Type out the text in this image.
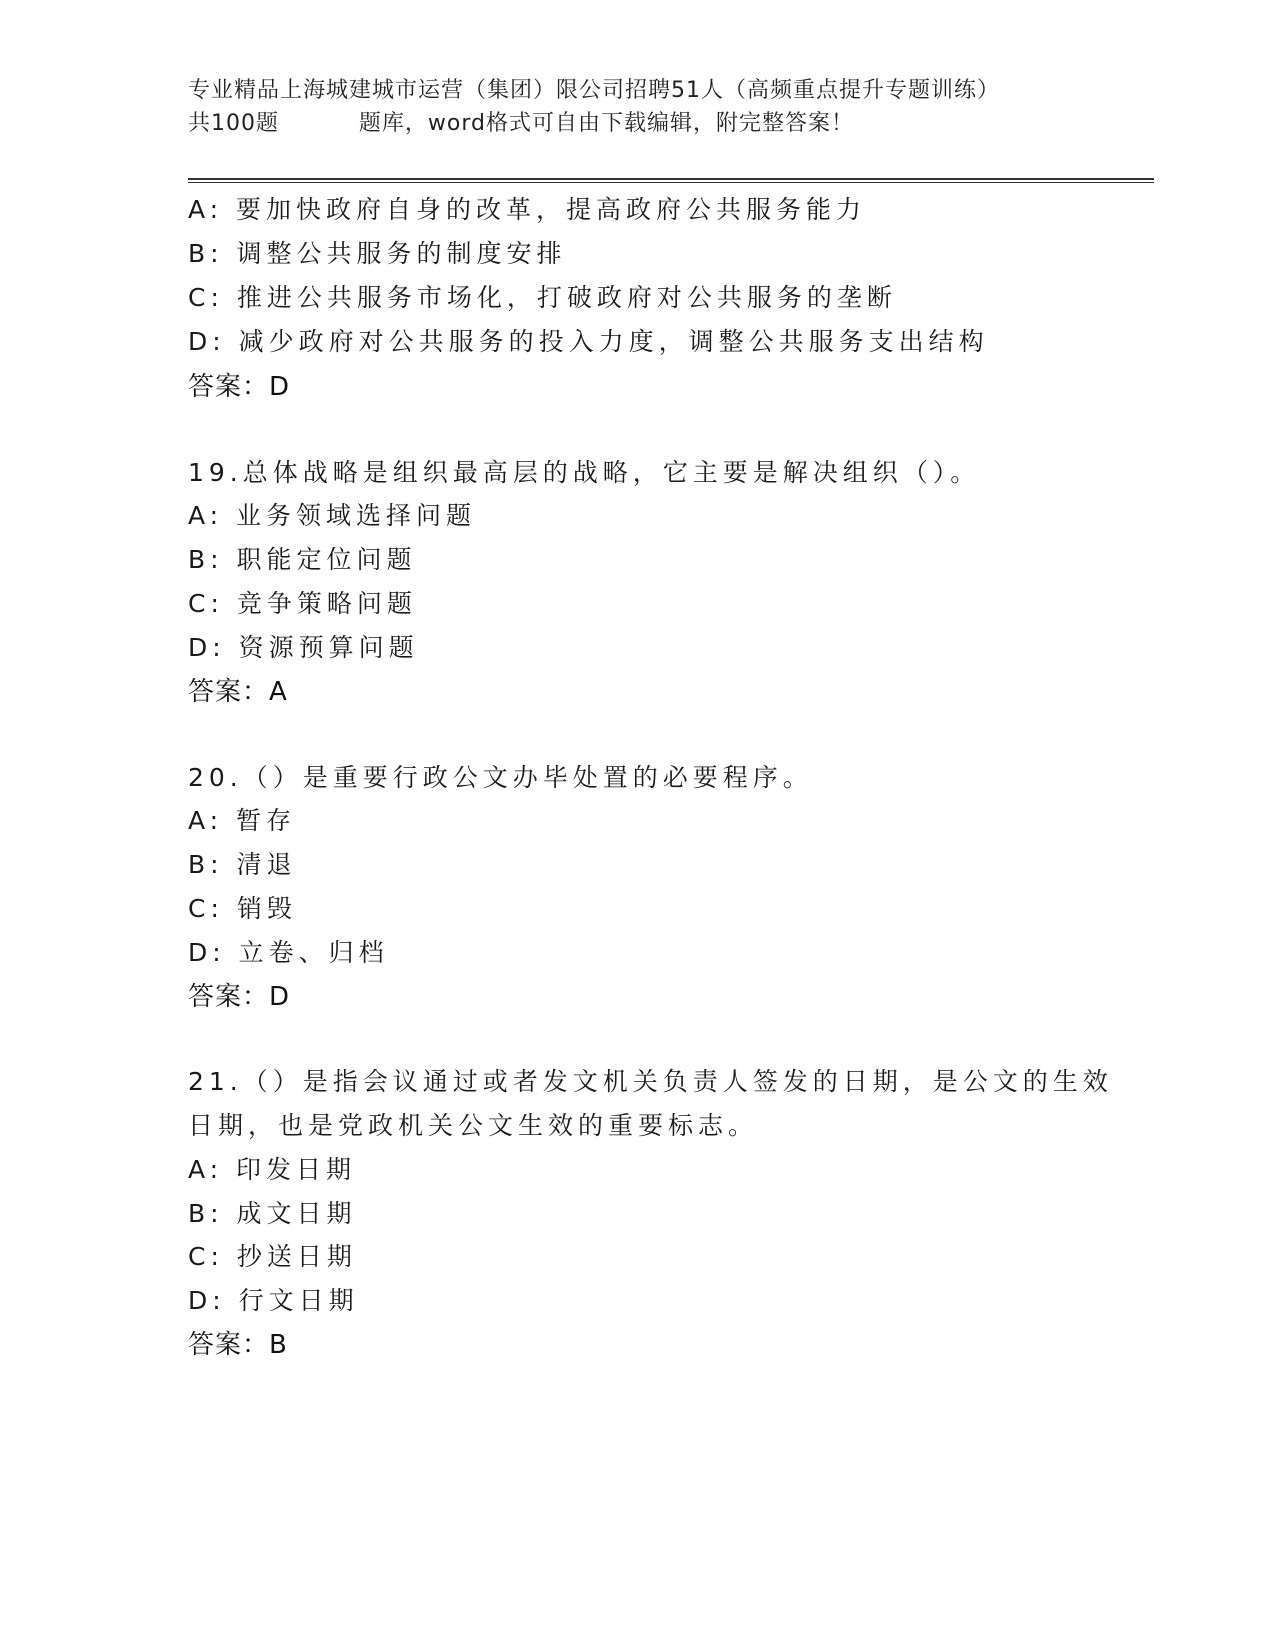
专业精品上海城建城市运营（集团）限公司招聘51人（高频重点提升专题训练）
共100题          题库，word格式可自由下载编辑，附完整答案！
A: 要加快政府自身的改革，提高政府公共服务能力
B: 调整公共服务的制度安排
C: 推进公共服务市场化，打破政府对公共服务的垄断
D: 减少政府对公共服务的投入力度，调整公共服务支出结构
答案：D
19.总体战略是组织最高层的战略，它主要是解决组织（）。
A: 业务领域选择问题
B: 职能定位问题
C: 竞争策略问题
D: 资源预算问题
答案：A
20.（）是重要行政公文办毕处置的必要程序。
A: 暂存
B: 清退
C: 销毁
D: 立卷、归档
答案：D
21.（）是指会议通过或者发文机关负责人签发的日期，是公文的生效
日期，也是党政机关公文生效的重要标志。
A: 印发日期
B: 成文日期
C: 抄送日期
D: 行文日期
答案：B
